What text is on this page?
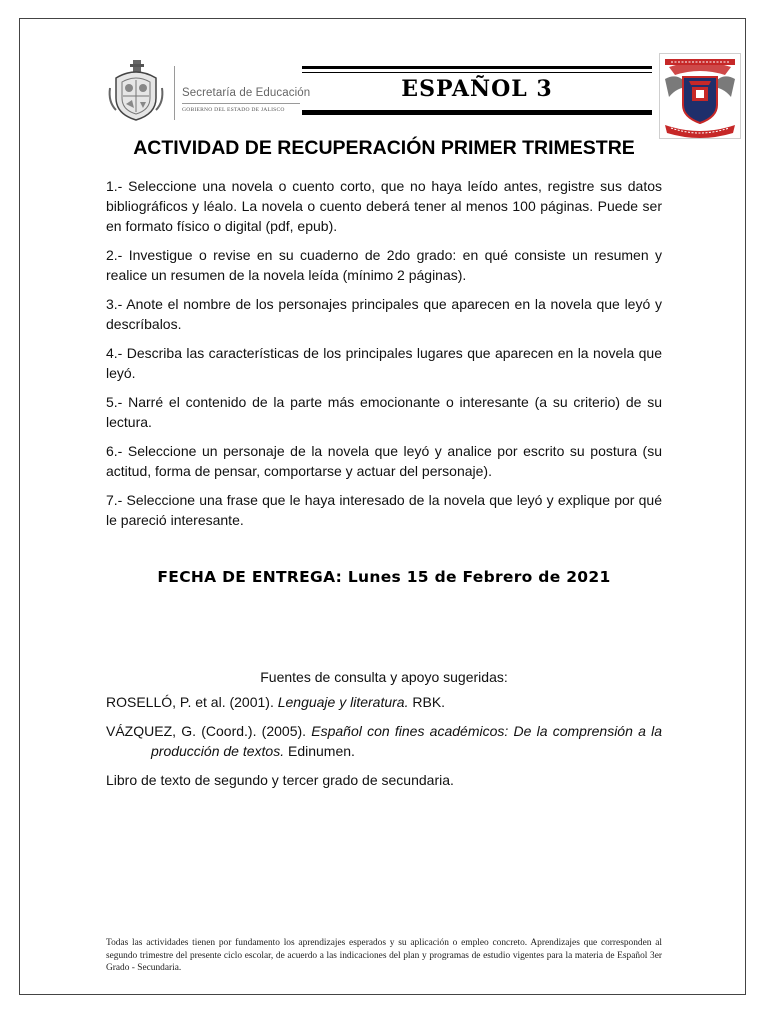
Secretaría de Educación
GOBIERNO DEL ESTADO DE JALISCO
ESPAÑOL 3
ACTIVIDAD DE RECUPERACIÓN PRIMER TRIMESTRE

1.- Seleccione una novela o cuento corto, que no haya leído antes, registre sus datos bibliográficos y léalo. La novela o cuento deberá tener al menos 100 páginas. Puede ser en formato físico o digital (pdf, epub).

2.- Investigue o revise en su cuaderno de 2do grado: en qué consiste un resumen y realice un resumen de la novela leída (mínimo 2 páginas).

3.- Anote el nombre de los personajes principales que aparecen en la novela que leyó y descríbalos.

4.- Describa las características de los principales lugares que aparecen en la novela que leyó.

5.- Narré el contenido de la parte más emocionante o interesante (a su criterio) de su lectura.

6.- Seleccione un personaje de la novela que leyó y analice por escrito su postura (su actitud, forma de pensar, comportarse y actuar del personaje).

7.- Seleccione una frase que le haya interesado de la novela que leyó y explique por qué le pareció interesante.

FECHA DE ENTREGA: Lunes 15 de Febrero de 2021
Fuentes de consulta y apoyo sugeridas:

ROSELLÓ, P. et al. (2001). Lenguaje y literatura. RBK.

VÁZQUEZ, G. (Coord.). (2005). Español con fines académicos: De la comprensión a la producción de textos. Edinumen.

Libro de texto de segundo y tercer grado de secundaria.

Todas las actividades tienen por fundamento los aprendizajes esperados y su aplicación o empleo concreto. Aprendizajes que corresponden al segundo trimestre del presente ciclo escolar, de acuerdo a las indicaciones del plan y programas de estudio vigentes para la materia de Español 3er Grado - Secundaria.
